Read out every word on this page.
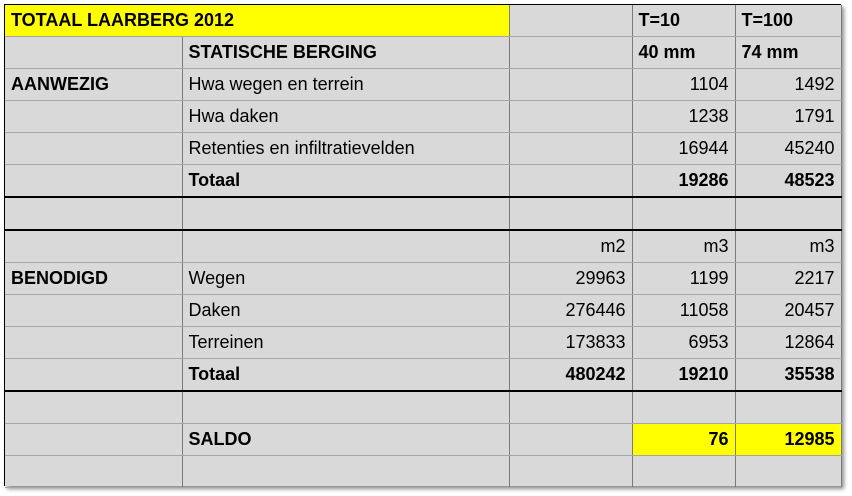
TOTAAL LAARBERG 2012			T=10	T=100
	STATISCHE BERGING		40 mm	74 mm
AANWEZIG	Hwa wegen en terrein		1104	1492
	Hwa daken		1238	1791
	Retenties en infiltratievelden		16944	45240
	Totaal		19286	48523

		m2	m3	m3
BENODIGD	Wegen	29963	1199	2217
	Daken	276446	11058	20457
	Terreinen	173833	6953	12864
	Totaal	480242	19210	35538

	SALDO		76	12985
